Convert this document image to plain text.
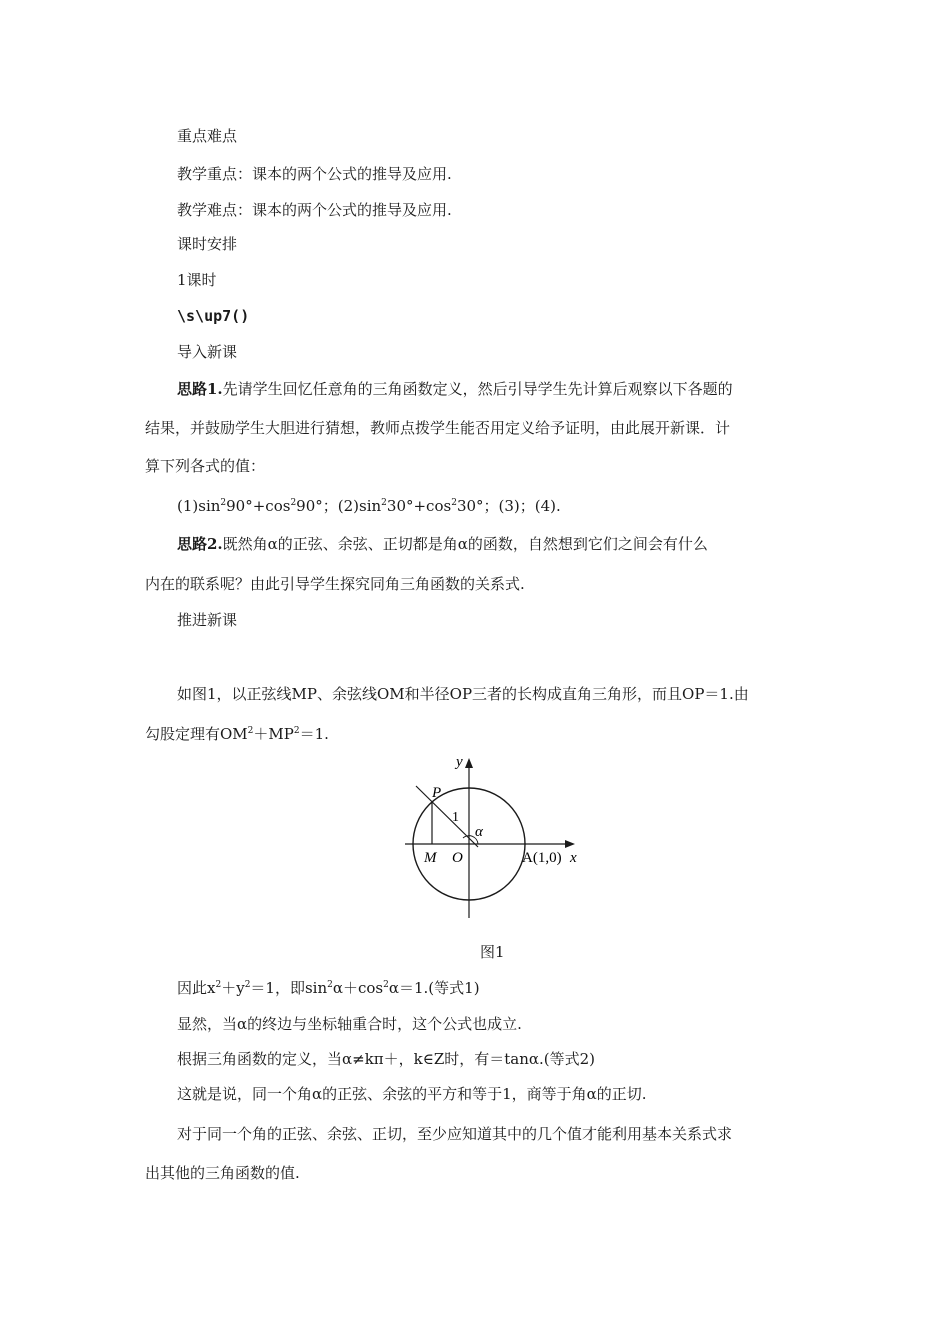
重点难点
教学重点：课本的两个公式的推导及应用.
教学难点：课本的两个公式的推导及应用.
课时安排
1课时
\s\up7()
导入新课
思路1.先请学生回忆任意角的三角函数定义，然后引导学生先计算后观察以下各题的
结果，并鼓励学生大胆进行猜想，教师点拨学生能否用定义给予证明，由此展开新课．计
算下列各式的值：
$(1)\sin^290^\circ+\cos^290^\circ$；$(2)\sin^230^\circ+\cos^230^\circ$；(3)；(4).
思路2.既然角α的正弦、余弦、正切都是角α的函数，自然想到它们之间会有什么
内在的联系呢？由此引导学生探究同角三角函数的关系式.
推进新课
如图1，以正弦线MP、余弦线OM和半径OP三者的长构成直角三角形，而且OP＝1.由
勾股定理有$OM^2+MP^2=1$.
y
P
1
α
M O	A(1,0) x
图1
因此$x^2+y^2=1$，即$\sin^2\alpha+\cos^2\alpha=1$.(等式1)
显然，当α的终边与坐标轴重合时，这个公式也成立.
根据三角函数的定义，当α≠kπ＋，k∈Z时，有＝tanα.(等式2)
这就是说，同一个角α的正弦、余弦的平方和等于1，商等于角α的正切.
对于同一个角的正弦、余弦、正切，至少应知道其中的几个值才能利用基本关系式求
出其他的三角函数的值.
